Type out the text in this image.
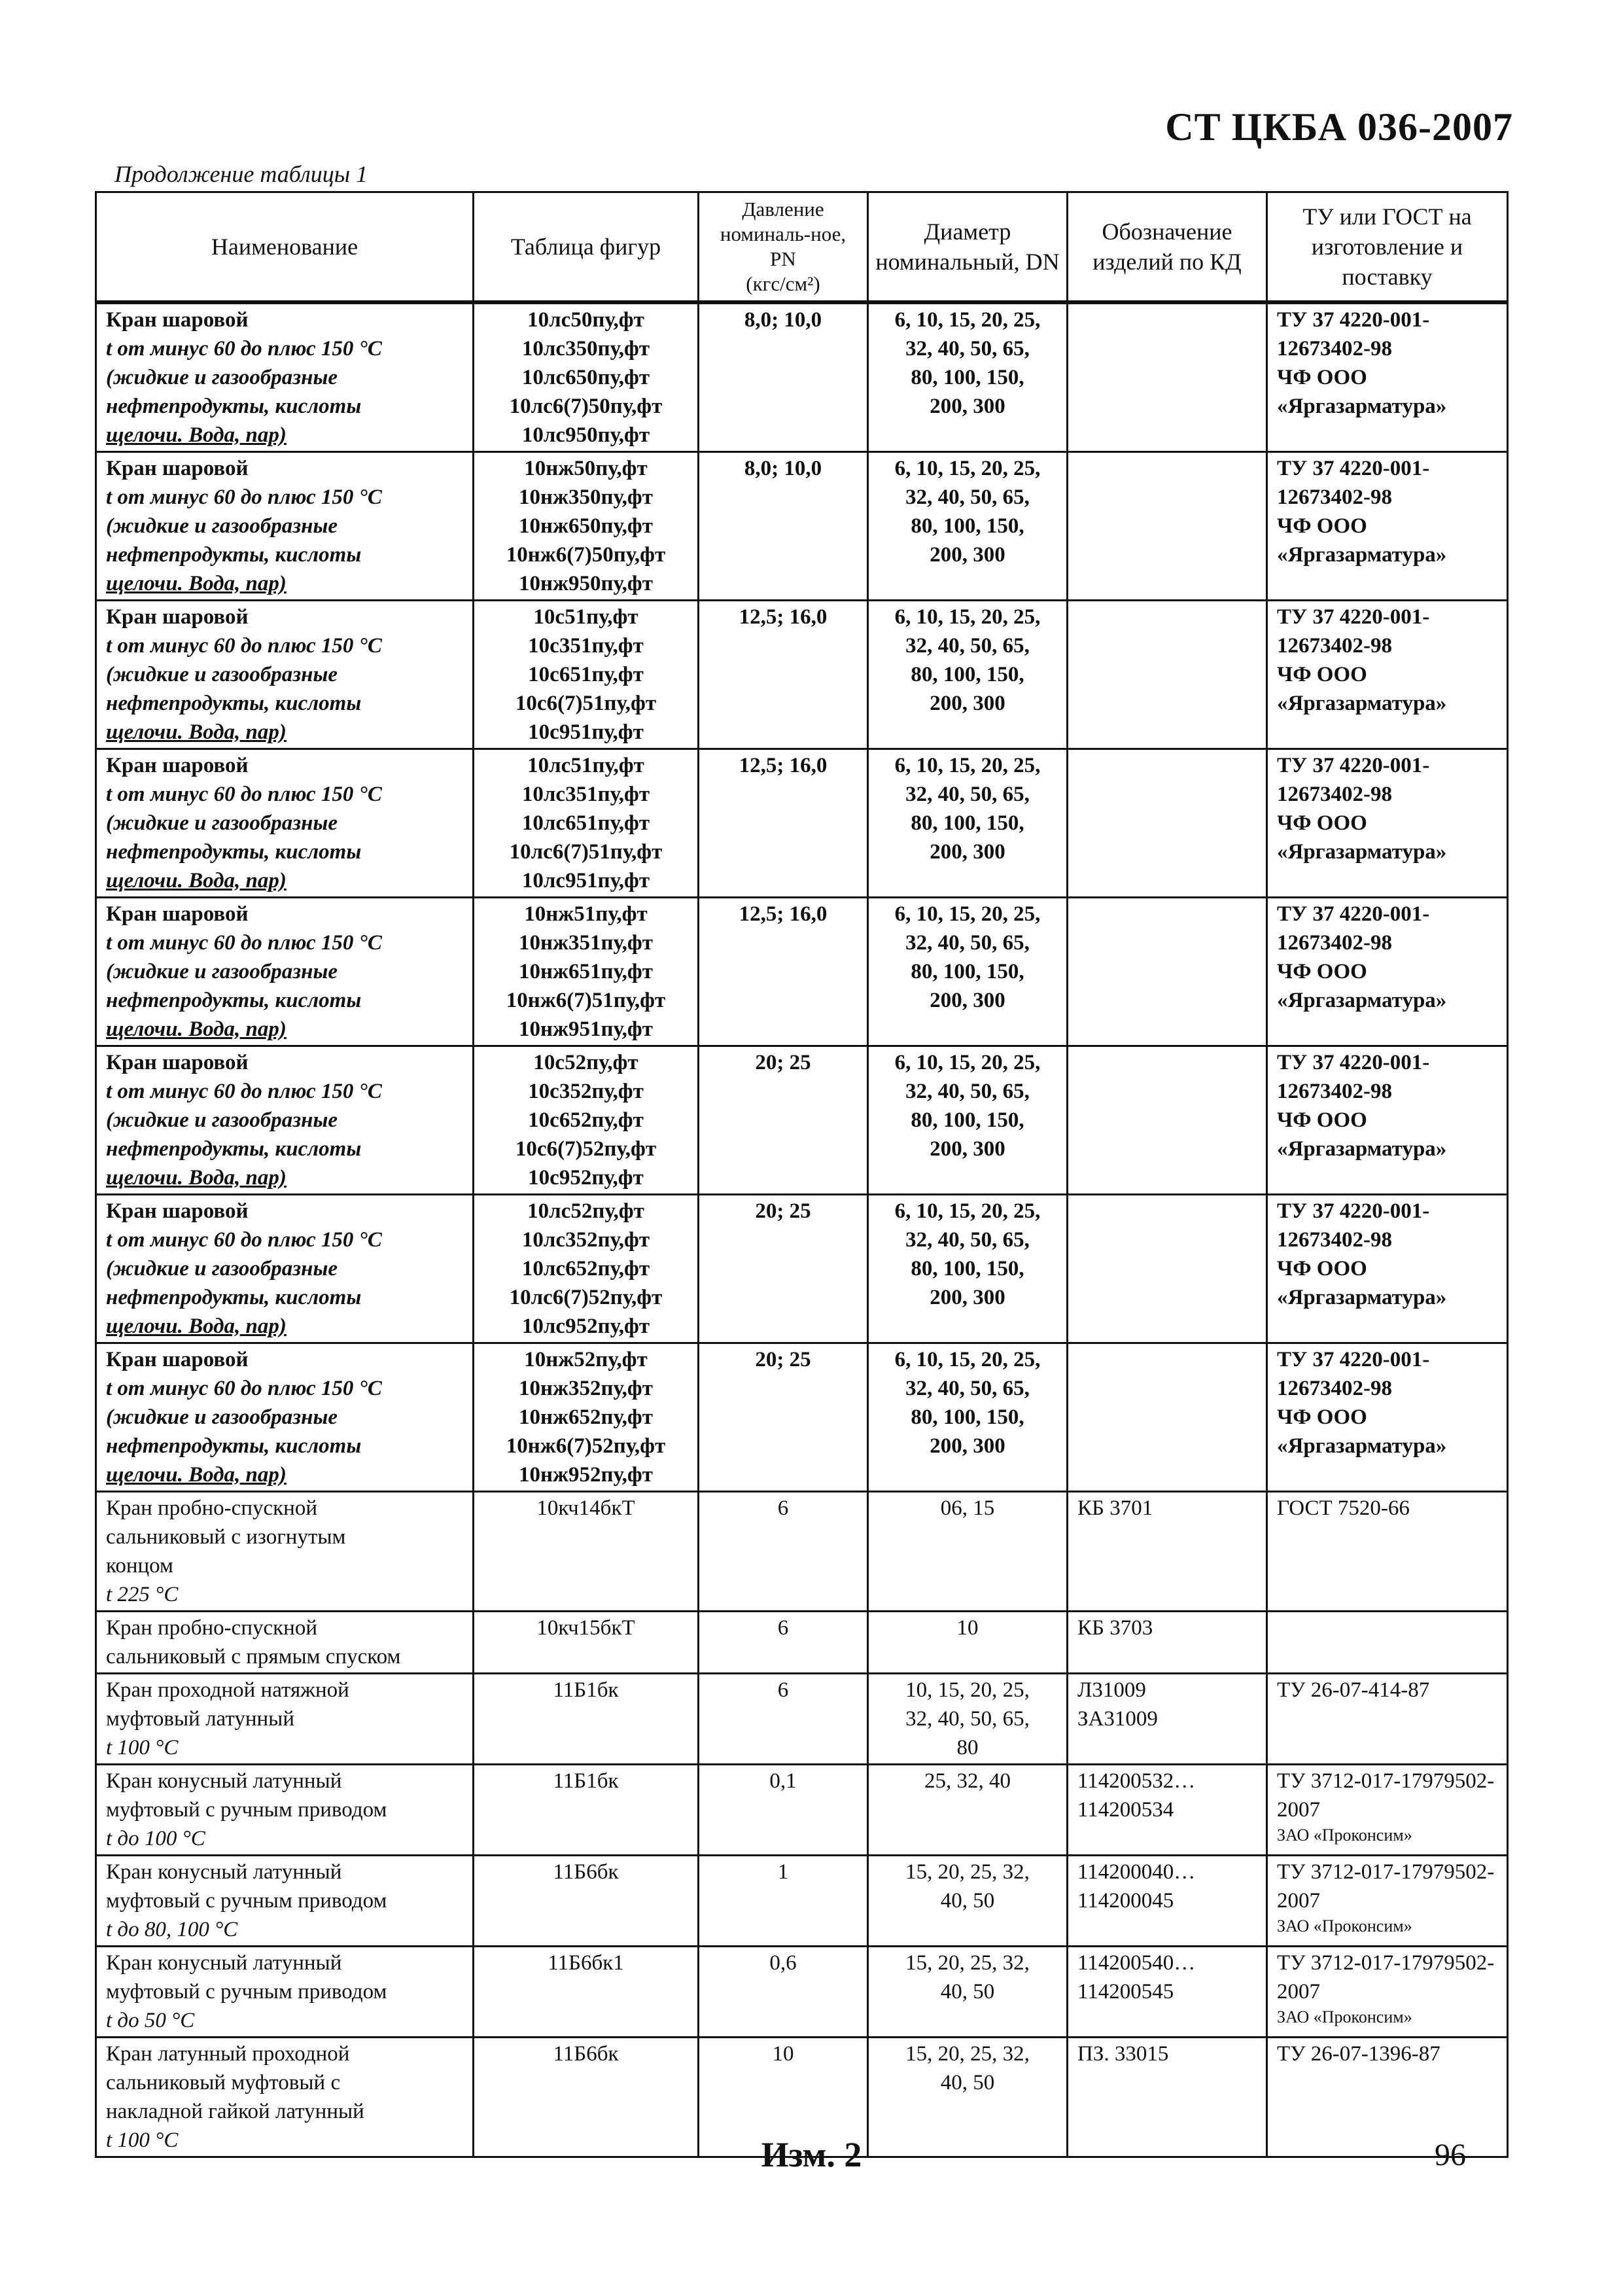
СТ ЦКБА 036-2007
Продолжение таблицы 1
Наименование	Таблица фигур	Давление номиналь-ное, PN
(кгс/см²)	Диаметр номинальный, DN	Обозначение изделий по КД	ТУ или ГОСТ на изготовление и поставку

Кран шаровой
t от минус 60 до плюс 150 °С
(жидкие и газообразные
нефтепродукты, кислоты
щелочи. Вода, пар)	10лс50пу,фт
10лс350пу,фт
10лс650пу,фт
10лс6(7)50пу,фт
10лс950пу,фт	8,0; 10,0	6, 10, 15, 20, 25,
32, 40, 50, 65,
80, 100, 150,
200, 300		ТУ 37 4220-001-
12673402-98
ЧФ ООО
«Яргазарматура»

Кран шаровой
t от минус 60 до плюс 150 °С
(жидкие и газообразные
нефтепродукты, кислоты
щелочи. Вода, пар)	10нж50пу,фт
10нж350пу,фт
10нж650пу,фт
10нж6(7)50пу,фт
10нж950пу,фт	8,0; 10,0	6, 10, 15, 20, 25,
32, 40, 50, 65,
80, 100, 150,
200, 300		ТУ 37 4220-001-
12673402-98
ЧФ ООО
«Яргазарматура»

Кран шаровой
t от минус 60 до плюс 150 °С
(жидкие и газообразные
нефтепродукты, кислоты
щелочи. Вода, пар)	10с51пу,фт
10с351пу,фт
10с651пу,фт
10с6(7)51пу,фт
10с951пу,фт	12,5; 16,0	6, 10, 15, 20, 25,
32, 40, 50, 65,
80, 100, 150,
200, 300		ТУ 37 4220-001-
12673402-98
ЧФ ООО
«Яргазарматура»

Кран шаровой
t от минус 60 до плюс 150 °С
(жидкие и газообразные
нефтепродукты, кислоты
щелочи. Вода, пар)	10лс51пу,фт
10лс351пу,фт
10лс651пу,фт
10лс6(7)51пу,фт
10лс951пу,фт	12,5; 16,0	6, 10, 15, 20, 25,
32, 40, 50, 65,
80, 100, 150,
200, 300		ТУ 37 4220-001-
12673402-98
ЧФ ООО
«Яргазарматура»

Кран шаровой
t от минус 60 до плюс 150 °С
(жидкие и газообразные
нефтепродукты, кислоты
щелочи. Вода, пар)	10нж51пу,фт
10нж351пу,фт
10нж651пу,фт
10нж6(7)51пу,фт
10нж951пу,фт	12,5; 16,0	6, 10, 15, 20, 25,
32, 40, 50, 65,
80, 100, 150,
200, 300		ТУ 37 4220-001-
12673402-98
ЧФ ООО
«Яргазарматура»

Кран шаровой
t от минус 60 до плюс 150 °С
(жидкие и газообразные
нефтепродукты, кислоты
щелочи. Вода, пар)	10с52пу,фт
10с352пу,фт
10с652пу,фт
10с6(7)52пу,фт
10с952пу,фт	20; 25	6, 10, 15, 20, 25,
32, 40, 50, 65,
80, 100, 150,
200, 300		ТУ 37 4220-001-
12673402-98
ЧФ ООО
«Яргазарматура»

Кран шаровой
t от минус 60 до плюс 150 °С
(жидкие и газообразные
нефтепродукты, кислоты
щелочи. Вода, пар)	10лс52пу,фт
10лс352пу,фт
10лс652пу,фт
10лс6(7)52пу,фт
10лс952пу,фт	20; 25	6, 10, 15, 20, 25,
32, 40, 50, 65,
80, 100, 150,
200, 300		ТУ 37 4220-001-
12673402-98
ЧФ ООО
«Яргазарматура»

Кран шаровой
t от минус 60 до плюс 150 °С
(жидкие и газообразные
нефтепродукты, кислоты
щелочи. Вода, пар)	10нж52пу,фт
10нж352пу,фт
10нж652пу,фт
10нж6(7)52пу,фт
10нж952пу,фт	20; 25	6, 10, 15, 20, 25,
32, 40, 50, 65,
80, 100, 150,
200, 300		ТУ 37 4220-001-
12673402-98
ЧФ ООО
«Яргазарматура»

Кран пробно-спускной
сальниковый с изогнутым
концом
t 225 °С	10кч14бкТ	6	06, 15	КБ 3701	ГОСТ 7520-66

Кран пробно-спускной
сальниковый с прямым спуском	10кч15бкТ	6	10	КБ 3703	

Кран проходной натяжной
муфтовый латунный
t 100 °С	11Б1бк	6	10, 15, 20, 25,
32, 40, 50, 65,
80	Л31009
ЗА31009	ТУ 26-07-414-87

Кран конусный латунный
муфтовый с ручным приводом
t до 100 °С	11Б1бк	0,1	25, 32, 40	114200532…
114200534	ТУ 3712-017-17979502-
2007
ЗАО «Проконсим»

Кран конусный латунный
муфтовый с ручным приводом
t до 80, 100 °С	11Б6бк	1	15, 20, 25, 32,
40, 50	114200040…
114200045	ТУ 3712-017-17979502-
2007
ЗАО «Проконсим»

Кран конусный латунный
муфтовый с ручным приводом
t до 50 °С	11Б6бк1	0,6	15, 20, 25, 32,
40, 50	114200540…
114200545	ТУ 3712-017-17979502-
2007
ЗАО «Проконсим»

Кран латунный проходной
сальниковый муфтовый с
накладной гайкой латунный
t 100 °С	11Б6бк	10	15, 20, 25, 32,
40, 50	ПЗ. 33015	ТУ 26-07-1396-87
Изм. 2	96
